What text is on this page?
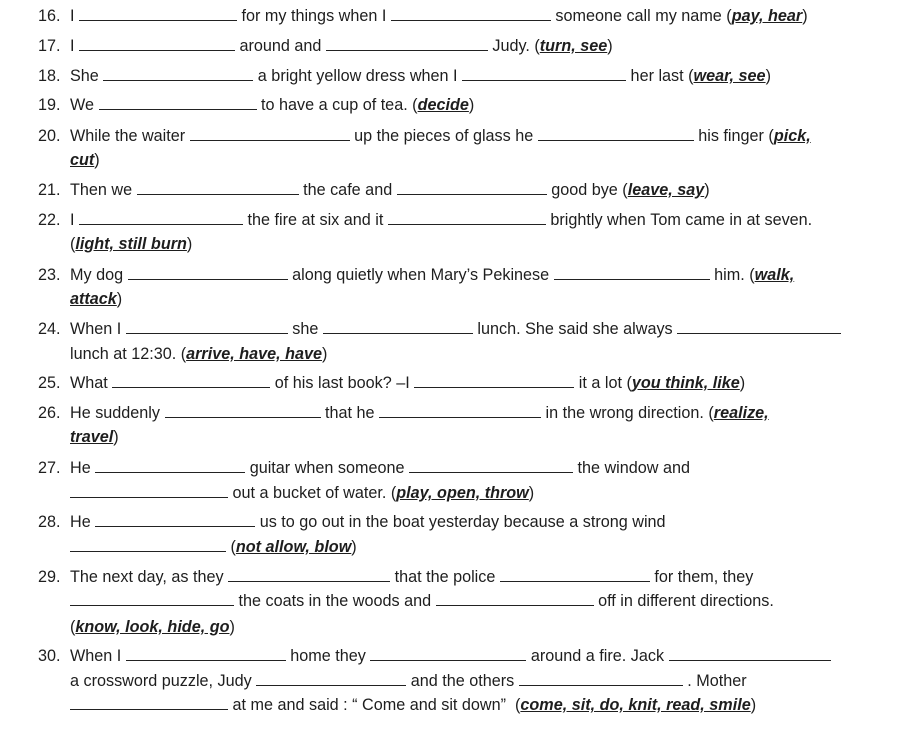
16. I	for my things when I	someone call my name (pay, hear)
17. I	around and	Judy. (turn, see)
18. She	a bright yellow dress when I	her last (wear, see)
19. We	to have a cup of tea. (decide)
20. While the waiter	up the pieces of glass he	his finger (pick,
cut)
21. Then we	the cafe and	good bye (leave, say)
22. I	the fire at six and it	brightly when Tom came in at seven.
(light, still burn)
23. My dog	along quietly when Mary’s Pekinese	him. (walk,
attack)
24. When I	she	lunch. She said she always
lunch at 12:30. (arrive, have, have)
25. What	of his last book? –I	it a lot (you think, like)
26. He suddenly	that he	in the wrong direction. (realize,
travel)
27. He	guitar when someone	the window and
out a bucket of water. (play, open, throw)
28. He	us to go out in the boat yesterday because a strong wind
(not allow, blow)
29. The next day, as they	that the police	for them, they
the coats in the woods and	off in different directions.
(know, look, hide, go)
30. When I	home they	around a fire. Jack
a crossword puzzle, Judy	and the others	. Mother
at me and said : “ Come and sit down”  (come, sit, do, knit, read, smile)
